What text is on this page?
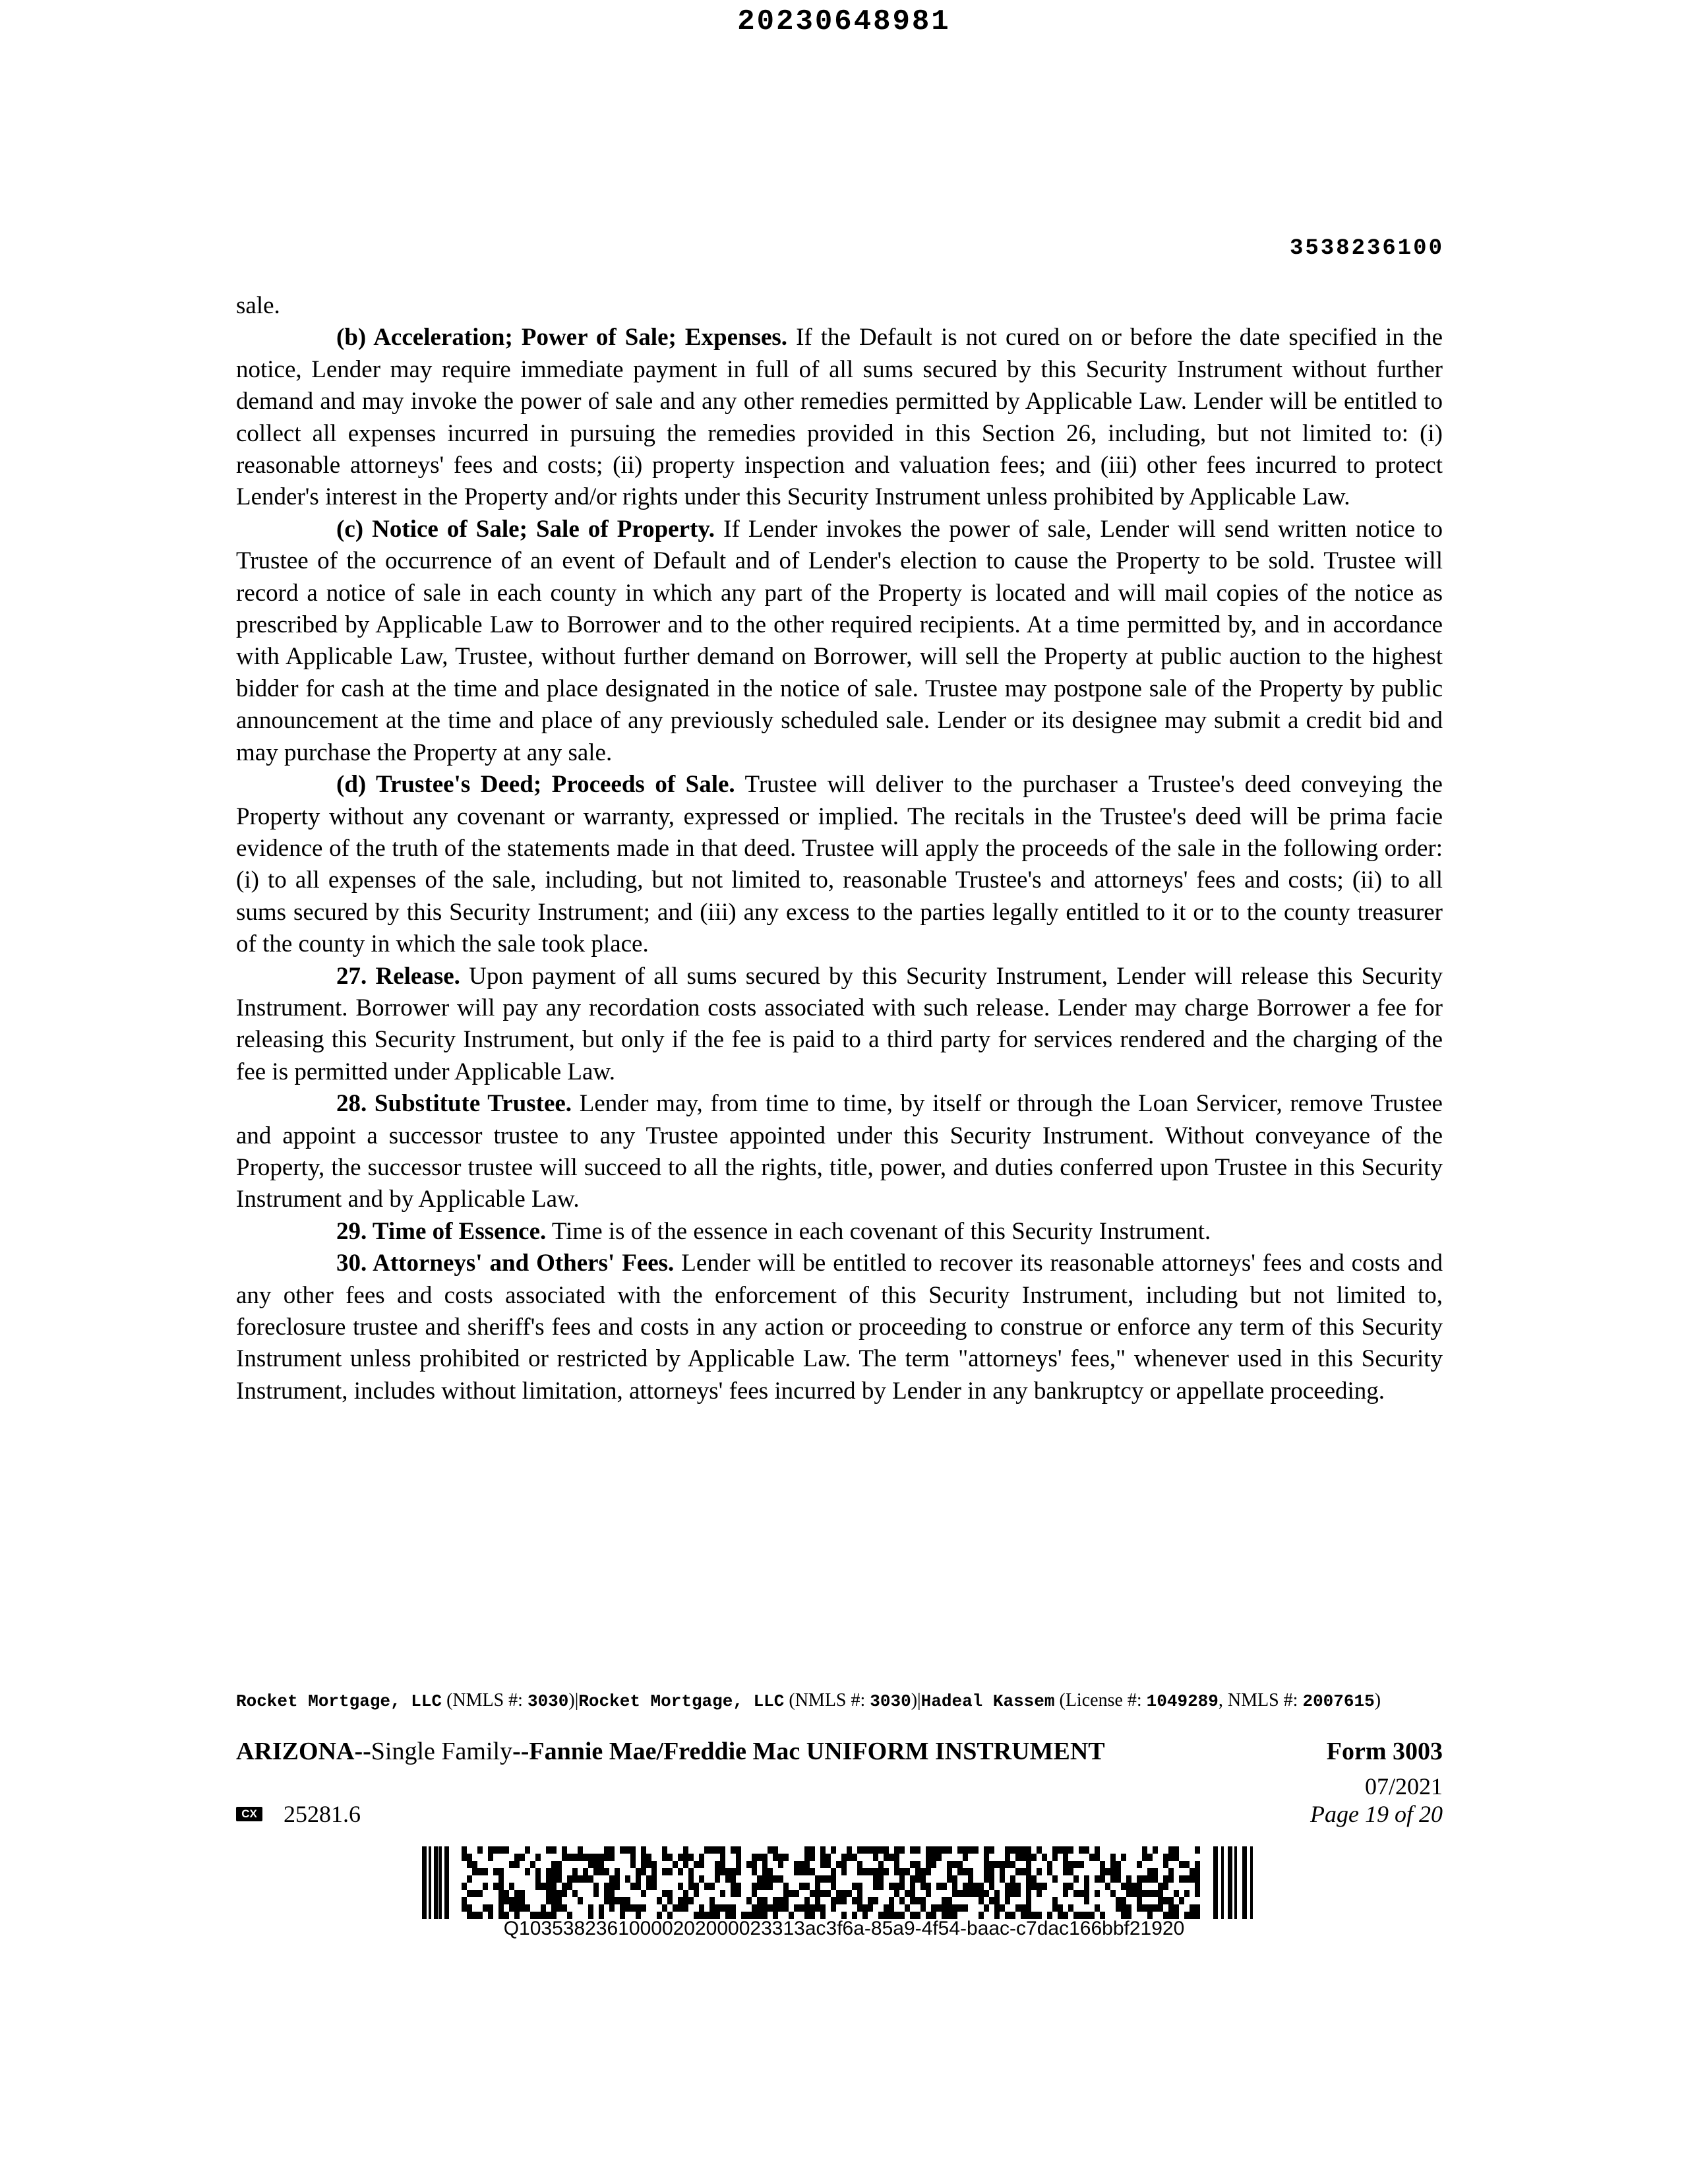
20230648981
3538236100

sale.

(b) Acceleration; Power of Sale; Expenses. If the Default is not cured on or before the date specified in the notice, Lender may require immediate payment in full of all sums secured by this Security Instrument without further demand and may invoke the power of sale and any other remedies permitted by Applicable Law. Lender will be entitled to collect all expenses incurred in pursuing the remedies provided in this Section 26, including, but not limited to: (i) reasonable attorneys' fees and costs; (ii) property inspection and valuation fees; and (iii) other fees incurred to protect Lender's interest in the Property and/or rights under this Security Instrument unless prohibited by Applicable Law.

(c) Notice of Sale; Sale of Property. If Lender invokes the power of sale, Lender will send written notice to Trustee of the occurrence of an event of Default and of Lender's election to cause the Property to be sold. Trustee will record a notice of sale in each county in which any part of the Property is located and will mail copies of the notice as prescribed by Applicable Law to Borrower and to the other required recipients. At a time permitted by, and in accordance with Applicable Law, Trustee, without further demand on Borrower, will sell the Property at public auction to the highest bidder for cash at the time and place designated in the notice of sale. Trustee may postpone sale of the Property by public announcement at the time and place of any previously scheduled sale. Lender or its designee may submit a credit bid and may purchase the Property at any sale.

(d) Trustee's Deed; Proceeds of Sale. Trustee will deliver to the purchaser a Trustee's deed conveying the Property without any covenant or warranty, expressed or implied. The recitals in the Trustee's deed will be prima facie evidence of the truth of the statements made in that deed. Trustee will apply the proceeds of the sale in the following order: (i) to all expenses of the sale, including, but not limited to, reasonable Trustee's and attorneys' fees and costs; (ii) to all sums secured by this Security Instrument; and (iii) any excess to the parties legally entitled to it or to the county treasurer of the county in which the sale took place.

27. Release. Upon payment of all sums secured by this Security Instrument, Lender will release this Security Instrument. Borrower will pay any recordation costs associated with such release. Lender may charge Borrower a fee for releasing this Security Instrument, but only if the fee is paid to a third party for services rendered and the charging of the fee is permitted under Applicable Law.

28. Substitute Trustee. Lender may, from time to time, by itself or through the Loan Servicer, remove Trustee and appoint a successor trustee to any Trustee appointed under this Security Instrument. Without conveyance of the Property, the successor trustee will succeed to all the rights, title, power, and duties conferred upon Trustee in this Security Instrument and by Applicable Law.

29. Time of Essence. Time is of the essence in each covenant of this Security Instrument.

30. Attorneys' and Others' Fees. Lender will be entitled to recover its reasonable attorneys' fees and costs and any other fees and costs associated with the enforcement of this Security Instrument, including but not limited to, foreclosure trustee and sheriff's fees and costs in any action or proceeding to construe or enforce any term of this Security Instrument unless prohibited or restricted by Applicable Law. The term "attorneys' fees," whenever used in this Security Instrument, includes without limitation, attorneys' fees incurred by Lender in any bankruptcy or appellate proceeding.

Rocket Mortgage, LLC (NMLS #: 3030)|Rocket Mortgage, LLC (NMLS #: 3030)|Hadeal Kassem (License #: 1049289, NMLS #: 2007615)
ARIZONA--Single Family--Fannie Mae/Freddie Mac UNIFORM INSTRUMENT	Form 3003
07/2021
CX 25281.6	Page 19 of 20
Q10353823610000202000023313ac3f6a-85a9-4f54-baac-c7dac166bbf21920
